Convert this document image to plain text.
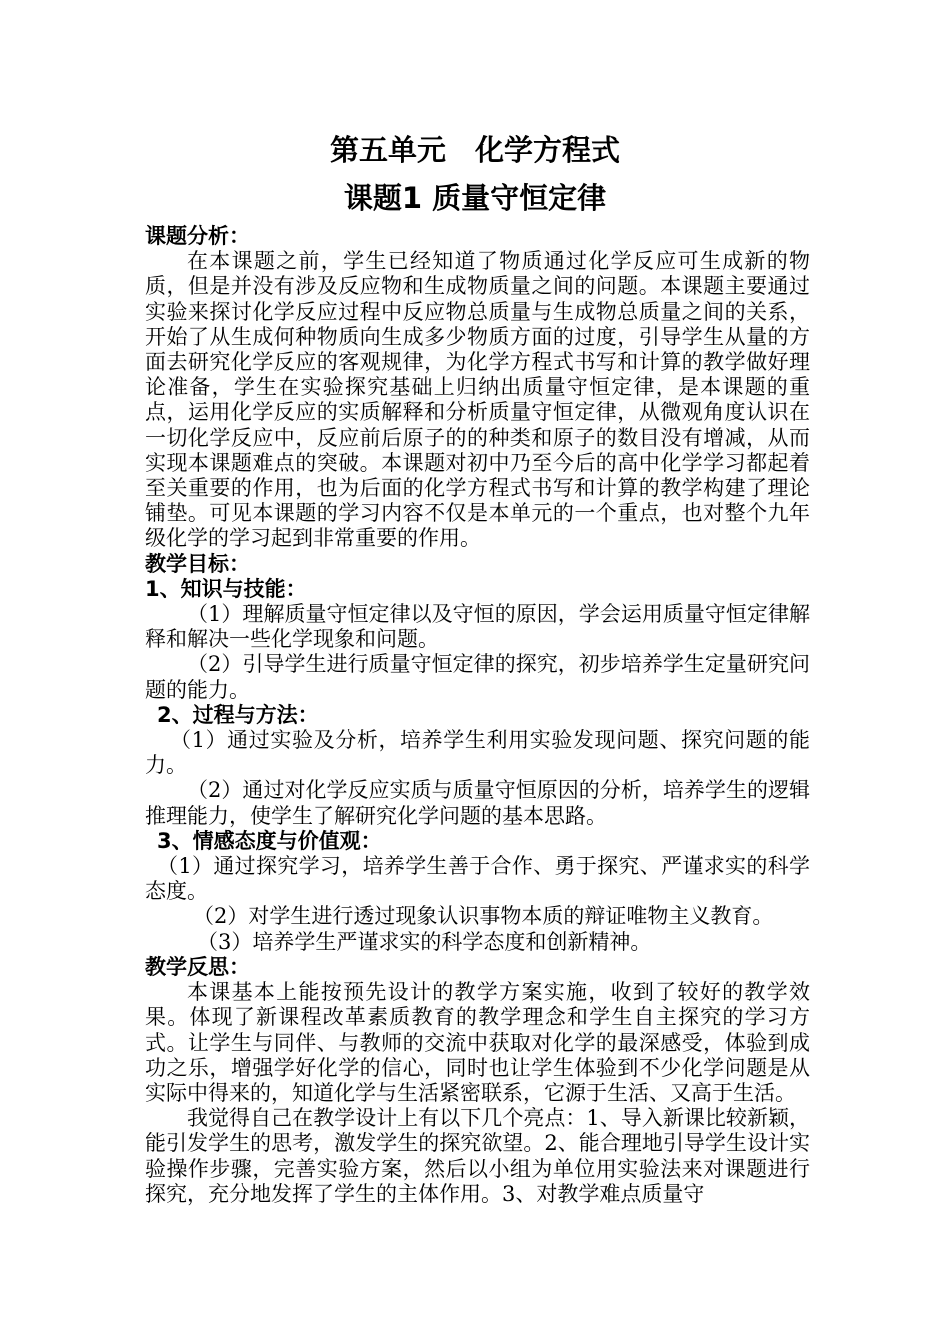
第五单元　化学方程式
课题1 质量守恒定律

课题分析：

在本课题之前，学生已经知道了物质通过化学反应可生成新的物质，但是并没有涉及反应物和生成物质量之间的问题。本课题主要通过实验来探讨化学反应过程中反应物总质量与生成物总质量之间的关系，开始了从生成何种物质向生成多少物质方面的过度，引导学生从量的方面去研究化学反应的客观规律，为化学方程式书写和计算的教学做好理论准备，学生在实验探究基础上归纳出质量守恒定律，是本课题的重点，运用化学反应的实质解释和分析质量守恒定律，从微观角度认识在一切化学反应中，反应前后原子的的种类和原子的数目没有增减，从而实现本课题难点的突破。本课题对初中乃至今后的高中化学学习都起着至关重要的作用，也为后面的化学方程式书写和计算的教学构建了理论铺垫。可见本课题的学习内容不仅是本单元的一个重点，也对整个九年级化学的学习起到非常重要的作用。

教学目标：

1、知识与技能：

（1）理解质量守恒定律以及守恒的原因，学会运用质量守恒定律解释和解决一些化学现象和问题。

（2）引导学生进行质量守恒定律的探究，初步培养学生定量研究问题的能力。

2、过程与方法：

（1）通过实验及分析，培养学生利用实验发现问题、探究问题的能力。

（2）通过对化学反应实质与质量守恒原因的分析，培养学生的逻辑推理能力，使学生了解研究化学问题的基本思路。

3、情感态度与价值观：

（1）通过探究学习，培养学生善于合作、勇于探究、严谨求实的科学态度。

（2）对学生进行透过现象认识事物本质的辩证唯物主义教育。

（3）培养学生严谨求实的科学态度和创新精神。

教学反思：

本课基本上能按预先设计的教学方案实施，收到了较好的教学效果。体现了新课程改革素质教育的教学理念和学生自主探究的学习方式。让学生与同伴、与教师的交流中获取对化学的最深感受，体验到成功之乐，增强学好化学的信心，同时也让学生体验到不少化学问题是从实际中得来的，知道化学与生活紧密联系，它源于生活、又高于生活。

我觉得自己在教学设计上有以下几个亮点：1、导入新课比较新颖，能引发学生的思考，激发学生的探究欲望。2、能合理地引导学生设计实验操作步骤，完善实验方案，然后以小组为单位用实验法来对课题进行探究，充分地发挥了学生的主体作用。3、对教学难点质量守
